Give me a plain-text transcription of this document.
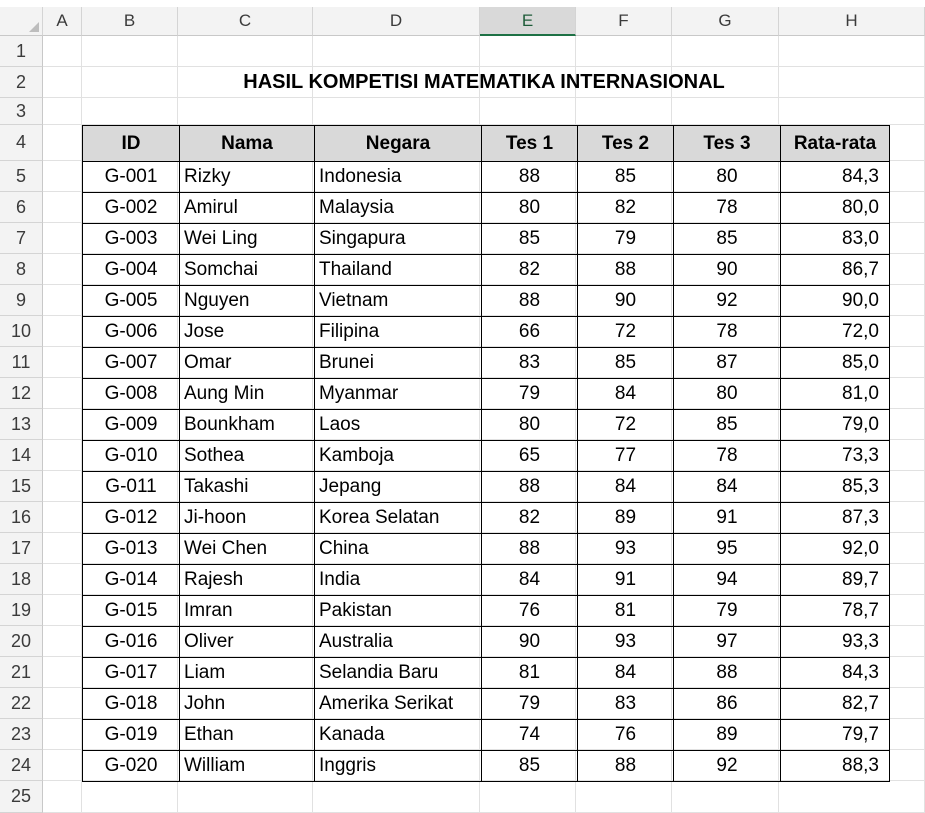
A	B	C	D	E	F	G	H
1
2
3
4
5
6
7
8
9
10
11
12
13
14
15
16
17
18
19
20
21
22
23
24
25
HASIL KOMPETISI MATEMATIKA INTERNASIONAL
ID	Nama	Negara	Tes 1	Tes 2	Tes 3	Rata-rata
G-001	Rizky	Indonesia	88	85	80	84,3
G-002	Amirul	Malaysia	80	82	78	80,0
G-003	Wei Ling	Singapura	85	79	85	83,0
G-004	Somchai	Thailand	82	88	90	86,7
G-005	Nguyen	Vietnam	88	90	92	90,0
G-006	Jose	Filipina	66	72	78	72,0
G-007	Omar	Brunei	83	85	87	85,0
G-008	Aung Min	Myanmar	79	84	80	81,0
G-009	Bounkham	Laos	80	72	85	79,0
G-010	Sothea	Kamboja	65	77	78	73,3
G-011	Takashi	Jepang	88	84	84	85,3
G-012	Ji-hoon	Korea Selatan	82	89	91	87,3
G-013	Wei Chen	China	88	93	95	92,0
G-014	Rajesh	India	84	91	94	89,7
G-015	Imran	Pakistan	76	81	79	78,7
G-016	Oliver	Australia	90	93	97	93,3
G-017	Liam	Selandia Baru	81	84	88	84,3
G-018	John	Amerika Serikat	79	83	86	82,7
G-019	Ethan	Kanada	74	76	89	79,7
G-020	William	Inggris	85	88	92	88,3
